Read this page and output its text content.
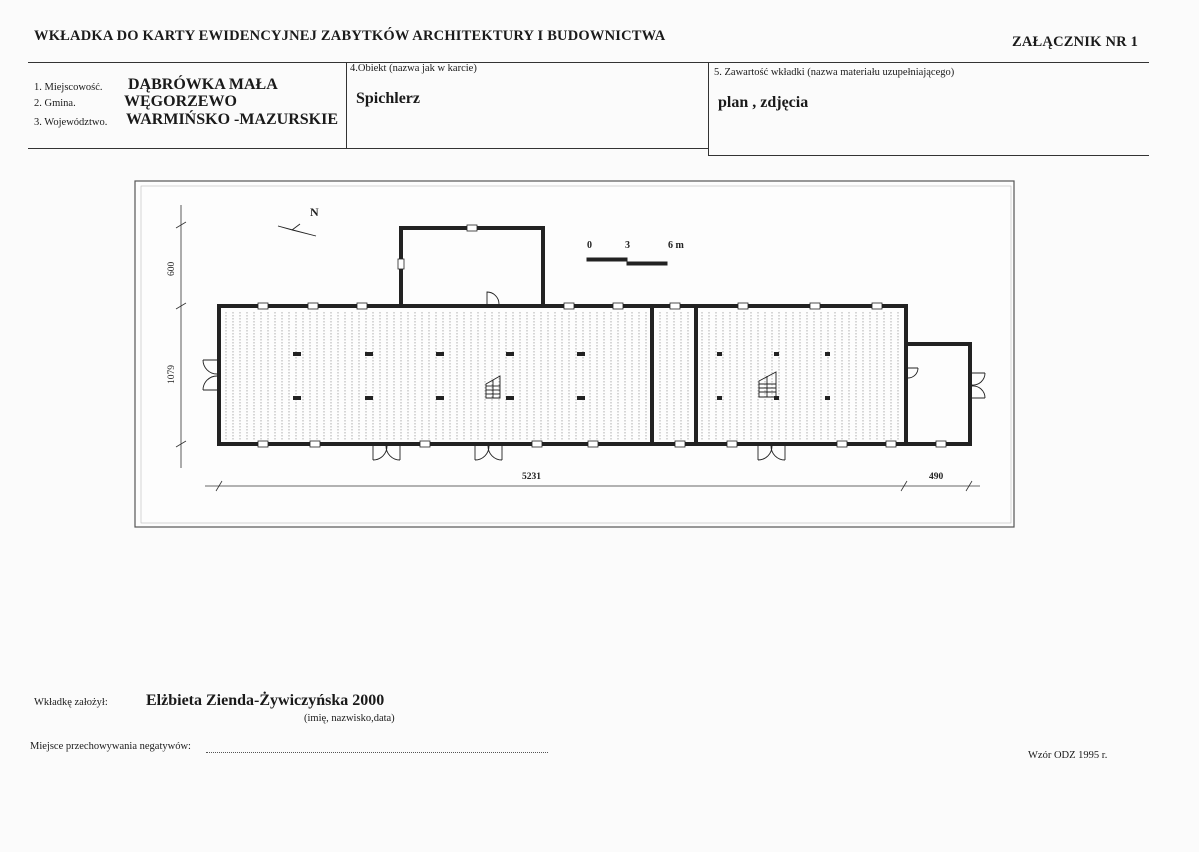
WKŁADKA DO KARTY EWIDENCYJNEJ ZABYTKÓW ARCHITEKTURY I BUDOWNICTWA	ZAŁĄCZNIK NR 1
1. Miejscowość. DĄBRÓWKA MAŁA
2. Gmina.	WĘGORZEWO
3. Województwo. WARMIŃSKO -MAZURSKIE
4.Obiekt (nazwa jak w karcie)
Spichlerz
5. Zawartość wkładki (nazwa materiału uzupełniającego)
plan , zdjęcia
N
0	3	6 m
600
1079
5231	490
Wkładkę założył: Elżbieta Zienda-Żywiczyńska 2000
(imię, nazwisko,data)
Miejsce przechowywania negatywów:
Wzór ODZ 1995 r.
